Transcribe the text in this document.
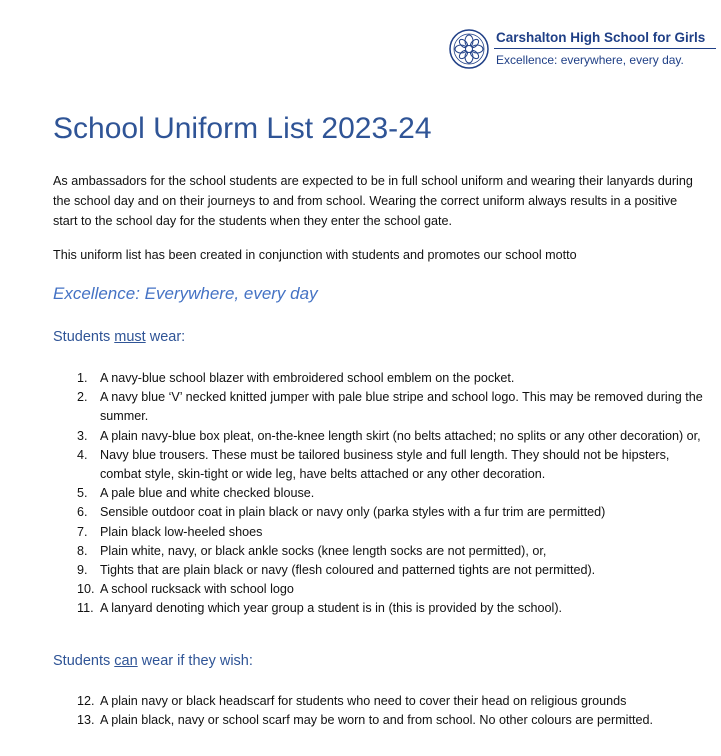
Carshalton High School for Girls
Excellence: everywhere, every day.
School Uniform List 2023-24

As ambassadors for the school students are expected to be in full school uniform and wearing their lanyards during the school day and on their journeys to and from school. Wearing the correct uniform always results in a positive start to the school day for the students when they enter the school gate.

This uniform list has been created in conjunction with students and promotes our school motto

Excellence: Everywhere, every day
Students must wear:
1. A navy-blue school blazer with embroidered school emblem on the pocket.
2. A navy blue ‘V’ necked knitted jumper with pale blue stripe and school logo. This may be removed during the summer.
3. A plain navy-blue box pleat, on-the-knee length skirt (no belts attached; no splits or any other decoration) or,
4. Navy blue trousers. These must be tailored business style and full length. They should not be hipsters, combat style, skin-tight or wide leg, have belts attached or any other decoration.
5. A pale blue and white checked blouse.
6. Sensible outdoor coat in plain black or navy only (parka styles with a fur trim are permitted)
7. Plain black low-heeled shoes
8. Plain white, navy, or black ankle socks (knee length socks are not permitted), or,
9. Tights that are plain black or navy (flesh coloured and patterned tights are not permitted).
10. A school rucksack with school logo
11. A lanyard denoting which year group a student is in (this is provided by the school).
Students can wear if they wish:
12. A plain navy or black headscarf for students who need to cover their head on religious grounds
13. A plain black, navy or school scarf may be worn to and from school. No other colours are permitted.
